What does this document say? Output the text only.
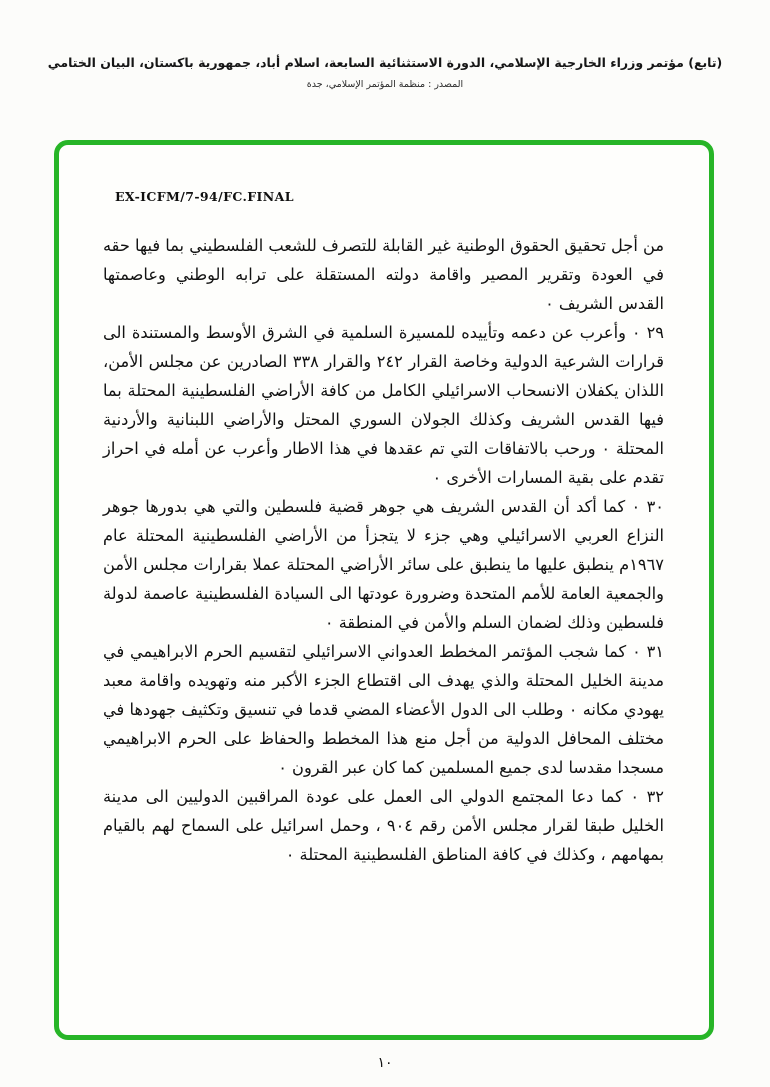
(تابع) مؤتمر وزراء الخارجية الإسلامي، الدورة الاستثنائية السابعة، اسلام أباد، جمهورية باكستان، البيان الختامي
المصدر : منظمة المؤتمر الإسلامي، جدة
EX-ICFM/7-94/FC.FINAL

من أجل تحقيق الحقوق الوطنية غير القابلة للتصرف للشعب الفلسطيني بما فيها حقه في العودة وتقرير المصير واقامة دولته المستقلة على ترابه الوطني وعاصمتها القدس الشريف ٠

٢٩ ٠ وأعرب عن دعمه وتأييده للمسيرة السلمية في الشرق الأوسط والمستندة الى قرارات الشرعية الدولية وخاصة القرار ٢٤٢ والقرار ٣٣٨ الصادرين عن مجلس الأمن، اللذان يكفلان الانسحاب الاسرائيلي الكامل من كافة الأراضي الفلسطينية المحتلة بما فيها القدس الشريف وكذلك الجولان السوري المحتل والأراضي اللبنانية والأردنية المحتلة ٠ ورحب بالاتفاقات التي تم عقدها في هذا الاطار وأعرب عن أمله في احراز تقدم على بقية المسارات الأخرى ٠

٣٠ ٠ كما أكد أن القدس الشريف هي جوهر قضية فلسطين والتي هي بدورها جوهر النزاع العربي الاسرائيلي وهي جزء لا يتجزأ من الأراضي الفلسطينية المحتلة عام ١٩٦٧م ينطبق عليها ما ينطبق على سائر الأراضي المحتلة عملا بقرارات مجلس الأمن والجمعية العامة للأمم المتحدة وضرورة عودتها الى السيادة الفلسطينية عاصمة لدولة فلسطين وذلك لضمان السلم والأمن في المنطقة ٠

٣١ ٠ كما شجب المؤتمر المخطط العدواني الاسرائيلي لتقسيم الحرم الابراهيمي في مدينة الخليل المحتلة والذي يهدف الى اقتطاع الجزء الأكبر منه وتهويده واقامة معبد يهودي مكانه ٠ وطلب الى الدول الأعضاء المضي قدما في تنسيق وتكثيف جهودها في مختلف المحافل الدولية من أجل منع هذا المخطط والحفاظ على الحرم الابراهيمي مسجدا مقدسا لدى جميع المسلمين كما كان عبر القرون ٠

٣٢ ٠ كما دعا المجتمع الدولي الى العمل على عودة المراقبين الدوليين الى مدينة الخليل طبقا لقرار مجلس الأمن رقم ٩٠٤ ، وحمل اسرائيل على السماح لهم بالقيام بمهامهم ، وكذلك في كافة المناطق الفلسطينية المحتلة ٠

١٠
